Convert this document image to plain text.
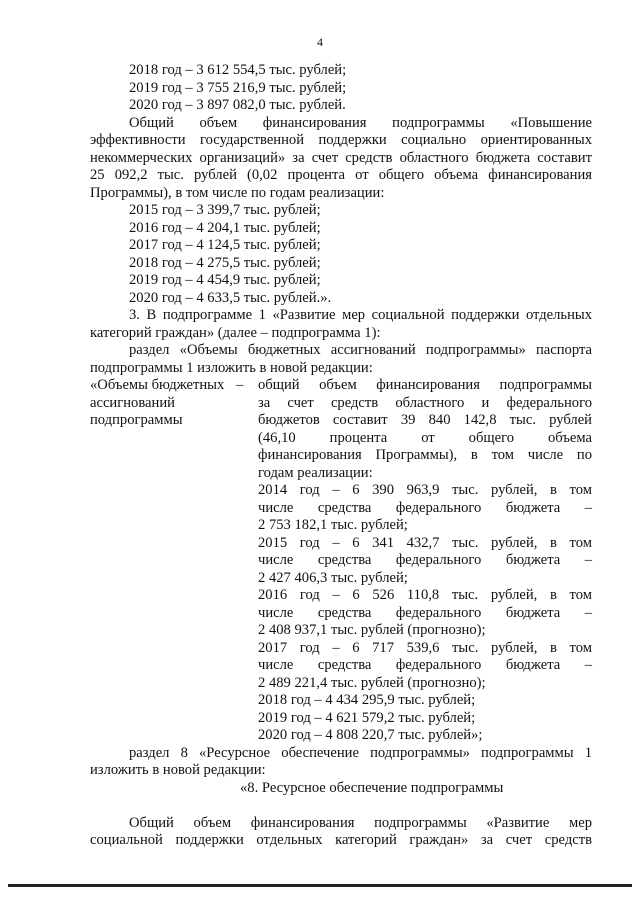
4
2018 год – 3 612 554,5 тыс. рублей;
2019 год – 3 755 216,9 тыс. рублей;
2020 год – 3 897 082,0 тыс. рублей.
Общий объем финансирования подпрограммы «Повышение
эффективности государственной поддержки социально ориентированных
некоммерческих организаций» за счет средств областного бюджета составит
25 092,2 тыс. рублей (0,02 процента от общего объема финансирования
Программы), в том числе по годам реализации:
2015 год – 3 399,7 тыс. рублей;
2016 год – 4 204,1 тыс. рублей;
2017 год – 4 124,5 тыс. рублей;
2018 год – 4 275,5 тыс. рублей;
2019 год – 4 454,9 тыс. рублей;
2020 год – 4 633,5 тыс. рублей.».
3. В подпрограмме 1 «Развитие мер социальной поддержки отдельных
категорий граждан» (далее – подпрограмма 1):
раздел «Объемы бюджетных ассигнований подпрограммы» паспорта
подпрограммы 1 изложить в новой редакции:
«Объемы бюджетных
ассигнований
подпрограммы
– общий объем финансирования подпрограммы
за счет средств областного и федерального
бюджетов составит 39 840 142,8 тыс. рублей
(46,10 процента от общего объема
финансирования Программы), в том числе по
годам реализации:
2014 год – 6 390 963,9 тыс. рублей, в том
числе средства федерального бюджета –
2 753 182,1 тыс. рублей;
2015 год – 6 341 432,7 тыс. рублей, в том
числе средства федерального бюджета –
2 427 406,3 тыс. рублей;
2016 год – 6 526 110,8 тыс. рублей, в том
числе средства федерального бюджета –
2 408 937,1 тыс. рублей (прогнозно);
2017 год – 6 717 539,6 тыс. рублей, в том
числе средства федерального бюджета –
2 489 221,4 тыс. рублей (прогнозно);
2018 год – 4 434 295,9 тыс. рублей;
2019 год – 4 621 579,2 тыс. рублей;
2020 год – 4 808 220,7 тыс. рублей»;
раздел 8 «Ресурсное обеспечение подпрограммы» подпрограммы 1
изложить в новой редакции:
«8. Ресурсное обеспечение подпрограммы
Общий объем финансирования подпрограммы «Развитие мер
социальной поддержки отдельных категорий граждан» за счет средств
